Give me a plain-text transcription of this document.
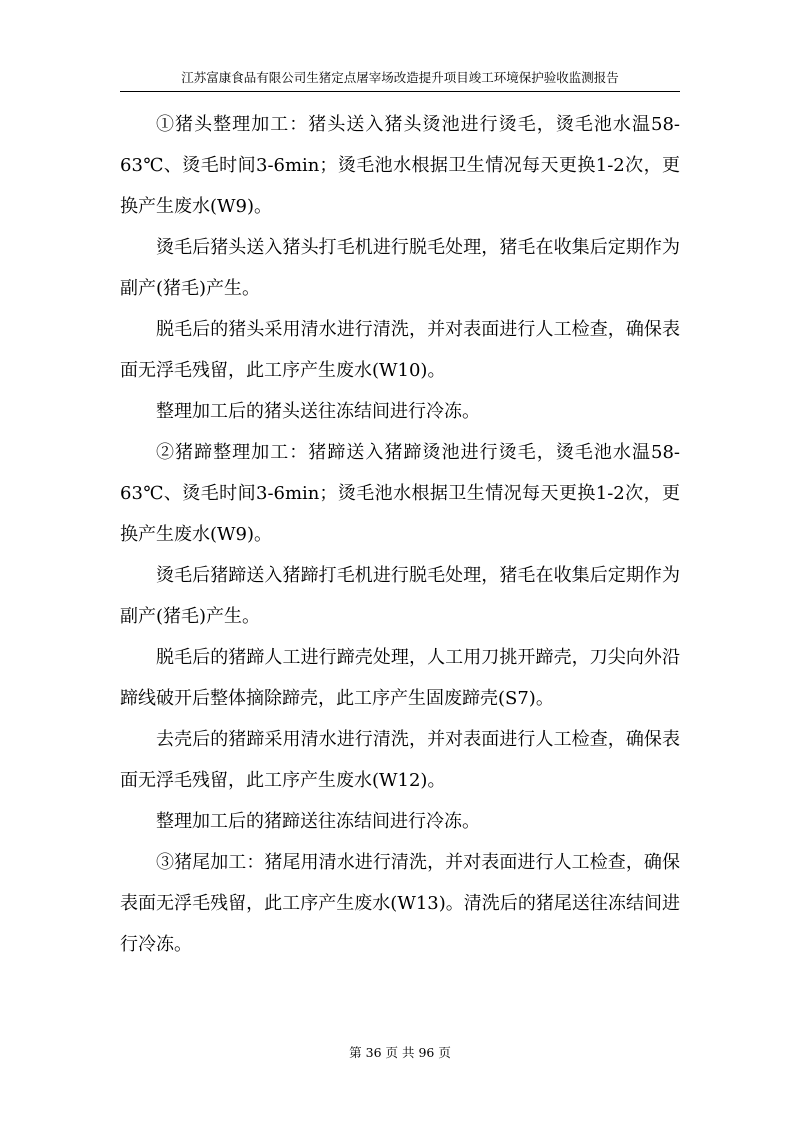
江苏富康食品有限公司生猪定点屠宰场改造提升项目竣工环境保护验收监测报告

①猪头整理加工：猪头送入猪头烫池进行烫毛，烫毛池水温58-63℃、烫毛时间3-6min；烫毛池水根据卫生情况每天更换1-2次，更换产生废水(W9)。

烫毛后猪头送入猪头打毛机进行脱毛处理，猪毛在收集后定期作为副产(猪毛)产生。

脱毛后的猪头采用清水进行清洗，并对表面进行人工检查，确保表面无浮毛残留，此工序产生废水(W10)。

整理加工后的猪头送往冻结间进行冷冻。

②猪蹄整理加工：猪蹄送入猪蹄烫池进行烫毛，烫毛池水温58-63℃、烫毛时间3-6min；烫毛池水根据卫生情况每天更换1-2次，更换产生废水(W9)。

烫毛后猪蹄送入猪蹄打毛机进行脱毛处理，猪毛在收集后定期作为副产(猪毛)产生。

脱毛后的猪蹄人工进行蹄壳处理，人工用刀挑开蹄壳，刀尖向外沿蹄线破开后整体摘除蹄壳，此工序产生固废蹄壳(S7)。

去壳后的猪蹄采用清水进行清洗，并对表面进行人工检查，确保表面无浮毛残留，此工序产生废水(W12)。

整理加工后的猪蹄送往冻结间进行冷冻。

③猪尾加工：猪尾用清水进行清洗，并对表面进行人工检查，确保表面无浮毛残留，此工序产生废水(W13)。清洗后的猪尾送往冻结间进行冷冻。

第 36 页 共 96 页
